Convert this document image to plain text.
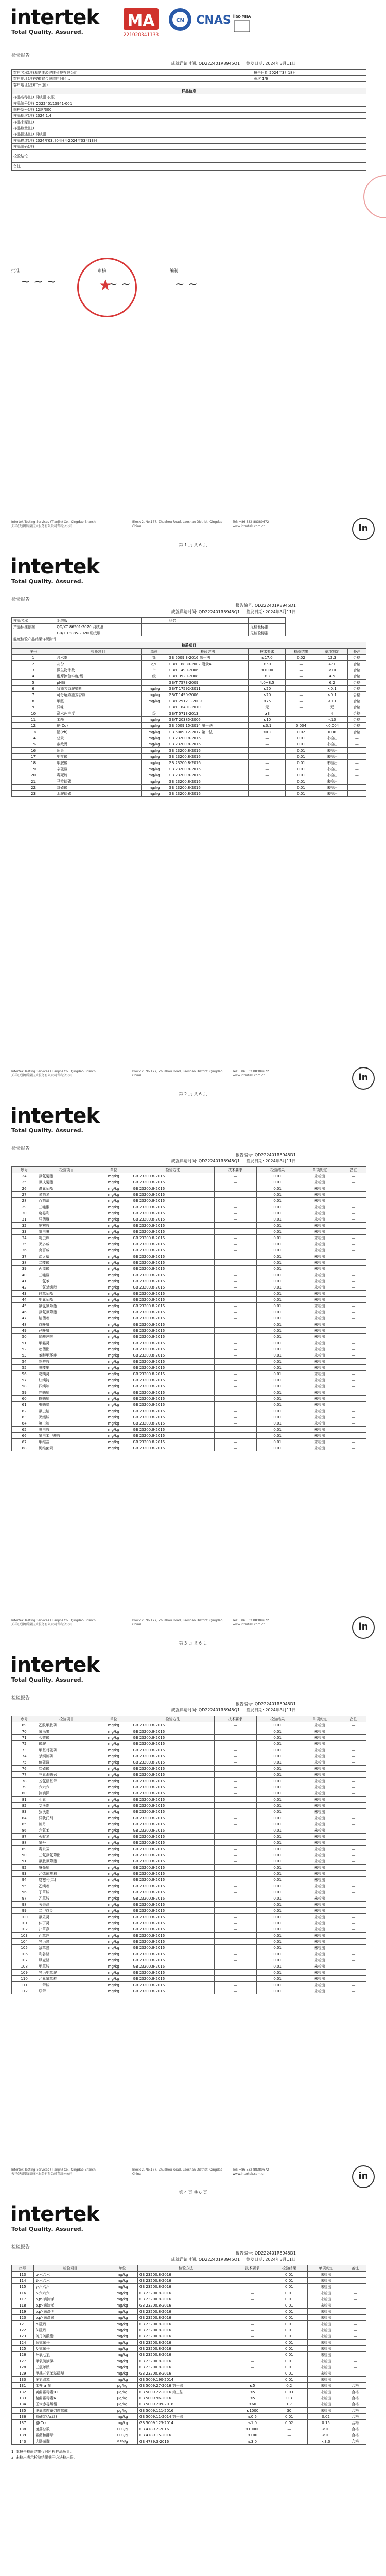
intertek
Total Quality. Assured.
MA
221020341133
CN CNAS ilac-MRA
检验报告
成就详请时间: QD222401R8945Q1 签发日期: 2024年3月11日
客户名称(注)星纳康源健康科技有限公司	报告日期 2024年3月18日
客户地址(注)安徽省合肥市庐阳区…	页次 1/6
客户地址(注)广州(国)	
样品信息	
样品名称(注) 羽绒服 衣服	
样品编号(注) QD2240113941-001	
规格型号(注) 12款/300	
样品批次(注) 2024.1.4	
样品来源(注)	
样品数量(注)	
样品描述(注) 羽绒服	
样品描述(注) 2024年03月04日至2024年03月13日	
样品编码(注)	
检验结论	
备注	
批准	审核	编制
~ ~ ~	~ ~	~ ~
★
Intertek Testing Services (Tianjin) Co., Qingdao Branch
天祥(天津)质量技术服务有限公司青岛分公司
Block 2, No.177, Zhuzhou Road, Laoshan District, Qingdao, China
Tel: +86 532 88389672
www.intertek.com.cn	in
第 1 页 共 6 页
intertek
Total Quality. Assured.
检验报告
报告编号: QD222401R8945D1
成就详请时间: QD222401R8945Q1 签发日期: 2024年3月11日
Intertek Testing Services (Tianjin) Co., Qingdao Branch
天祥(天津)质量技术服务有限公司青岛分公司
Block 2, No.177, Zhuzhou Road, Laoshan District, Qingdao, China
Tel: +86 532 88389672
www.intertek.com.cn	in
第 2 页 共 6 页
样品名称	羽绒服		品名				
产品标准依据	QD/XC 86501-2020 羽绒服			见检验标准			
	GB/T 18885-2020 羽绒服			见检验标准			
温度检验产品结果详见附件							
检验项目							
序号	检验项目	单位	检验方法	技术要求	检验结果	单项判定	备注
1	含水率	%	GB 5009.3-2016 第一法	≤17.0	0.02	12.3	合格
2	灰份	g/L	GB/T 18830-2002 附录A	≥50	—	471	合格
3	微生物计数	个	GB/T 1490-2006	≤1000	—	<10	合格
4	耐摩擦色牢度/级	级	GB/T 3920-2008	≥3	—	4-5	合格
5	pH值		GB/T 7573-2009	4.0~8.5	—	6.2	合格
6	致癌芳香胺染料	mg/kg	GB/T 17592-2011	≤20	—	<0.1	合格
7	可分解致癌芳香胺	mg/kg	GB/T 1490-2006	≤20	—	<0.1	合格
8	甲醛	mg/kg	GB/T 2912.1-2009	≤75	—	<0.1	合格
9	异味		GB/T 18401-2010	无	—	无	合格
10	耐水色牢度	级	GB/T 5713-2013	≥3	—	4	合格
11	苯酚	mg/kg	GB/T 20385-2006	≤10	—	<10	合格
12	镉(Cd)	mg/kg	GB 5009.15-2014 第一法	≤0.1	0.004	<0.004	合格
13	铅(Pb)	mg/kg	GB 5009.12-2017 第一法	≤0.2	0.02	0.06	合格
14	总汞	mg/kg	GB 23200.8-2016	—	0.01	未检出	—
15	敌敌畏	mg/kg	GB 23200.8-2016	—	0.01	未检出	—
16	乐果	mg/kg	GB 23200.8-2016	—	0.01	未检出	—
17	甲拌磷	mg/kg	GB 23200.8-2016	—	0.01	未检出	—
18	甲胺磷	mg/kg	GB 23200.8-2016	—	0.01	未检出	—
19	辛硫磷	mg/kg	GB 23200.8-2016	—	0.01	未检出	—
20	毒死蜱	mg/kg	GB 23200.8-2016	—	0.01	未检出	—
21	马拉硫磷	mg/kg	GB 23200.8-2016	—	0.01	未检出	—
22	对硫磷	mg/kg	GB 23200.8-2016	—	0.01	未检出	—
23	水胺硫磷	mg/kg	GB 23200.8-2016	—	0.01	未检出	—
intertek
Total Quality. Assured.
检验报告
报告编号: QD222401R8945D1
成就详请时间: QD222401R8945Q1 签发日期: 2024年3月11日
Intertek Testing Services (Tianjin) Co., Qingdao Branch
天祥(天津)质量技术服务有限公司青岛分公司
Block 2, No.177, Zhuzhou Road, Laoshan District, Qingdao, China
Tel: +86 532 88389672
www.intertek.com.cn	in
第 3 页 共 6 页
序号	检验项目	单位	检验方法	技术要求	检验结果	单项判定	备注
24	氯氰菊酯	mg/kg	GB 23200.8-2016	—	0.01	未检出	—
25	氰戊菊酯	mg/kg	GB 23200.8-2016	—	0.01	未检出	—
26	溴氰菊酯	mg/kg	GB 23200.8-2016	—	0.01	未检出	—
27	多菌灵	mg/kg	GB 23200.8-2016	—	0.01	未检出	—
28	百菌清	mg/kg	GB 23200.8-2016	—	0.01	未检出	—
29	三唑酮	mg/kg	GB 23200.8-2016	—	0.01	未检出	—
30	腐霉利	mg/kg	GB 23200.8-2016	—	0.01	未检出	—
31	异菌脲	mg/kg	GB 23200.8-2016	—	0.01	未检出	—
32	嘧霉胺	mg/kg	GB 23200.8-2016	—	0.01	未检出	—
33	吡虫啉	mg/kg	GB 23200.8-2016	—	0.01	未检出	—
34	啶虫脒	mg/kg	GB 23200.8-2016	—	0.01	未检出	—
35	灭多威	mg/kg	GB 23200.8-2016	—	0.01	未检出	—
36	克百威	mg/kg	GB 23200.8-2016	—	0.01	未检出	—
37	涕灭威	mg/kg	GB 23200.8-2016	—	0.01	未检出	—
38	二嗪磷	mg/kg	GB 23200.8-2016	—	0.01	未检出	—
39	丙溴磷	mg/kg	GB 23200.8-2016	—	0.01	未检出	—
40	三唑磷	mg/kg	GB 23200.8-2016	—	0.01	未检出	—
41	二氯苯	mg/kg	GB 23200.8-2016	—	0.01	未检出	—
42	三氯杀螨醇	mg/kg	GB 23200.8-2016	—	0.01	未检出	—
43	联苯菊酯	mg/kg	GB 23200.8-2016	—	0.01	未检出	—
44	甲氰菊酯	mg/kg	GB 23200.8-2016	—	0.01	未检出	—
45	氟氯氰菊酯	mg/kg	GB 23200.8-2016	—	0.01	未检出	—
46	氯氟氰菊酯	mg/kg	GB 23200.8-2016	—	0.01	未检出	—
47	腈菌唑	mg/kg	GB 23200.8-2016	—	0.01	未检出	—
48	戊唑醇	mg/kg	GB 23200.8-2016	—	0.01	未检出	—
49	己唑醇	mg/kg	GB 23200.8-2016	—	0.01	未检出	—
50	烯酰吗啉	mg/kg	GB 23200.8-2016	—	0.01	未检出	—
51	甲霜灵	mg/kg	GB 23200.8-2016	—	0.01	未检出	—
52	嘧菌酯	mg/kg	GB 23200.8-2016	—	0.01	未检出	—
53	苯醚甲环唑	mg/kg	GB 23200.8-2016	—	0.01	未检出	—
54	咪鲜胺	mg/kg	GB 23200.8-2016	—	0.01	未检出	—
55	噻嗪酮	mg/kg	GB 23200.8-2016	—	0.01	未检出	—
56	哒螨灵	mg/kg	GB 23200.8-2016	—	0.01	未检出	—
57	炔螨特	mg/kg	GB 23200.8-2016	—	0.01	未检出	—
58	四螨嗪	mg/kg	GB 23200.8-2016	—	0.01	未检出	—
59	唑螨酯	mg/kg	GB 23200.8-2016	—	0.01	未检出	—
60	螺螨酯	mg/kg	GB 23200.8-2016	—	0.01	未检出	—
61	虫螨腈	mg/kg	GB 23200.8-2016	—	0.01	未检出	—
62	氟虫腈	mg/kg	GB 23200.8-2016	—	0.01	未检出	—
63	灭蝇胺	mg/kg	GB 23200.8-2016	—	0.01	未检出	—
64	噻虫嗪	mg/kg	GB 23200.8-2016	—	0.01	未检出	—
65	噻虫胺	mg/kg	GB 23200.8-2016	—	0.01	未检出	—
66	氯虫苯甲酰胺	mg/kg	GB 23200.8-2016	—	0.01	未检出	—
67	甲维盐	mg/kg	GB 23200.8-2016	—	0.01	未检出	—
68	阿维菌素	mg/kg	GB 23200.8-2016	—	0.01	未检出	—
intertek
Total Quality. Assured.
检验报告
报告编号: QD222401R8945D1
成就详请时间: QD222401R8945Q1 签发日期: 2024年3月11日
Intertek Testing Services (Tianjin) Co., Qingdao Branch
天祥(天津)质量技术服务有限公司青岛分公司
Block 2, No.177, Zhuzhou Road, Laoshan District, Qingdao, China
Tel: +86 532 88389672
www.intertek.com.cn	in
第 4 页 共 6 页
序号	检验项目	单位	检验方法	技术要求	检验结果	单项判定	备注
69	乙酰甲胺磷	mg/kg	GB 23200.8-2016	—	0.01	未检出	—
70	氧乐果	mg/kg	GB 23200.8-2016	—	0.01	未检出	—
71	久效磷	mg/kg	GB 23200.8-2016	—	0.01	未检出	—
72	磷胺	mg/kg	GB 23200.8-2016	—	0.01	未检出	—
73	甲基对硫磷	mg/kg	GB 23200.8-2016	—	0.01	未检出	—
74	杀螟硫磷	mg/kg	GB 23200.8-2016	—	0.01	未检出	—
75	倍硫磷	mg/kg	GB 23200.8-2016	—	0.01	未检出	—
76	喹硫磷	mg/kg	GB 23200.8-2016	—	0.01	未检出	—
77	三氯杀螨砜	mg/kg	GB 23200.8-2016	—	0.01	未检出	—
78	五氯硝基苯	mg/kg	GB 23200.8-2016	—	0.01	未检出	—
79	六六六	mg/kg	GB 23200.8-2016	—	0.01	未检出	—
80	滴滴涕	mg/kg	GB 23200.8-2016	—	0.01	未检出	—
81	七氯	mg/kg	GB 23200.8-2016	—	0.01	未检出	—
82	艾氏剂	mg/kg	GB 23200.8-2016	—	0.01	未检出	—
83	狄氏剂	mg/kg	GB 23200.8-2016	—	0.01	未检出	—
84	异狄氏剂	mg/kg	GB 23200.8-2016	—	0.01	未检出	—
85	硫丹	mg/kg	GB 23200.8-2016	—	0.01	未检出	—
86	六氯苯	mg/kg	GB 23200.8-2016	—	0.01	未检出	—
87	灭蚁灵	mg/kg	GB 23200.8-2016	—	0.01	未检出	—
88	氯丹	mg/kg	GB 23200.8-2016	—	0.01	未检出	—
89	毒杀芬	mg/kg	GB 23200.8-2016	—	0.01	未检出	—
90	三氟氯氰菊酯	mg/kg	GB 23200.8-2016	—	0.01	未检出	—
91	氟胺氰菊酯	mg/kg	GB 23200.8-2016	—	0.01	未检出	—
92	醚菊酯	mg/kg	GB 23200.8-2016	—	0.01	未检出	—
93	乙烯菌核利	mg/kg	GB 23200.8-2016	—	0.01	未检出	—
94	腐霉利(二)	mg/kg	GB 23200.8-2016	—	0.01	未检出	—
95	乙螨唑	mg/kg	GB 23200.8-2016	—	0.01	未检出	—
96	丁草胺	mg/kg	GB 23200.8-2016	—	0.01	未检出	—
97	乙草胺	mg/kg	GB 23200.8-2016	—	0.01	未检出	—
98	莠去津	mg/kg	GB 23200.8-2016	—	0.01	未检出	—
99	二甲戊灵	mg/kg	GB 23200.8-2016	—	0.01	未检出	—
100	氟乐灵	mg/kg	GB 23200.8-2016	—	0.01	未检出	—
101	仲丁灵	mg/kg	GB 23200.8-2016	—	0.01	未检出	—
102	扑草净	mg/kg	GB 23200.8-2016	—	0.01	未检出	—
103	西草净	mg/kg	GB 23200.8-2016	—	0.01	未检出	—
104	异丙隆	mg/kg	GB 23200.8-2016	—	0.01	未检出	—
105	敌草隆	mg/kg	GB 23200.8-2016	—	0.01	未检出	—
106	利谷隆	mg/kg	GB 23200.8-2016	—	0.01	未检出	—
107	绿麦隆	mg/kg	GB 23200.8-2016	—	0.01	未检出	—
108	甲草胺	mg/kg	GB 23200.8-2016	—	0.01	未检出	—
109	异丙甲草胺	mg/kg	GB 23200.8-2016	—	0.01	未检出	—
110	乙氧氟草醚	mg/kg	GB 23200.8-2016	—	0.01	未检出	—
111	二苯胺	mg/kg	GB 23200.8-2016	—	0.01	未检出	—
112	联苯	mg/kg	GB 23200.8-2016	—	0.01	未检出	—
intertek
Total Quality. Assured.
检验报告
报告编号: QD222401R8945D1
成就详请时间: QD222401R8945Q1 签发日期: 2024年3月11日
序号	检验项目	单位	检验方法	技术要求	检验结果	单项判定	备注
113	α-六六六	mg/kg	GB 23200.8-2016	—	0.01	未检出	—
114	β-六六六	mg/kg	GB 23200.8-2016	—	0.01	未检出	—
115	γ-六六六	mg/kg	GB 23200.8-2016	—	0.01	未检出	—
116	δ-六六六	mg/kg	GB 23200.8-2016	—	0.01	未检出	—
117	o,p'-滴滴涕	mg/kg	GB 23200.8-2016	—	0.01	未检出	—
118	p,p'-滴滴涕	mg/kg	GB 23200.8-2016	—	0.01	未检出	—
119	p,p'-滴滴伊	mg/kg	GB 23200.8-2016	—	0.01	未检出	—
120	p,p'-滴滴滴	mg/kg	GB 23200.8-2016	—	0.01	未检出	—
121	α-硫丹	mg/kg	GB 23200.8-2016	—	0.01	未检出	—
122	β-硫丹	mg/kg	GB 23200.8-2016	—	0.01	未检出	—
123	硫丹硫酸酯	mg/kg	GB 23200.8-2016	—	0.01	未检出	—
124	顺式氯丹	mg/kg	GB 23200.8-2016	—	0.01	未检出	—
125	反式氯丹	mg/kg	GB 23200.8-2016	—	0.01	未检出	—
126	环氧七氯	mg/kg	GB 23200.8-2016	—	0.01	未检出	—
127	甲氧滴滴涕	mg/kg	GB 23200.8-2016	—	0.01	未检出	—
128	五氯苯胺	mg/kg	GB 23200.8-2016	—	0.01	未检出	—
129	甲基五氯苯基硫醚	mg/kg	GB 23200.8-2016	—	0.01	未检出	—
130	多氯联苯	mg/kg	GB 5009.190-2014	—	0.01	未检出	—
131	苯并[a]芘	μg/kg	GB 5009.27-2016 第一法	≤5	0.2	未检出	合格
132	黄曲霉毒素B1	μg/kg	GB 5009.22-2016 第三法	≤5	0.03	未检出	合格
133	赭曲霉毒素A	μg/kg	GB 5009.96-2016	≤5	0.3	未检出	合格
134	玉米赤霉烯酮	μg/kg	GB 5009.209-2016	≤60	1.7	未检出	合格
135	脱氧雪腐镰刀菌烯醇	μg/kg	GB 5009.111-2016	≤1000	30	未检出	合格
136	总砷(以As计)	mg/kg	GB 5009.11-2014 第一法	≤0.5	0.01	0.02	合格
137	铬(Cr)	mg/kg	GB 5009.123-2014	≤1.0	0.02	0.15	合格
138	菌落总数	CFU/g	GB 4789.2-2016	≤10000	—	<10	合格
139	霉菌和酵母	CFU/g	GB 4789.15-2016	≤100	—	<10	合格
140	大肠菌群	MPN/g	GB 4789.3-2016	≤3.0	—	<3.0	合格
1. 本报告检验结果仅对所检样品负责。
2. 未检出表示检验结果低于方法检出限。
